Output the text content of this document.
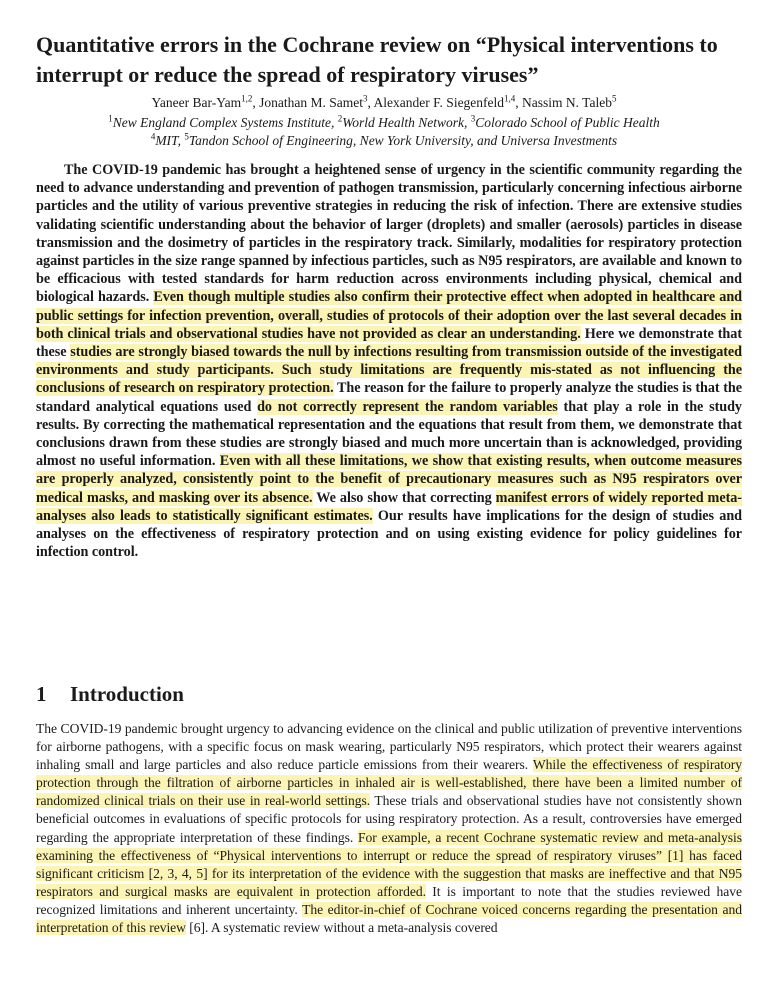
Quantitative errors in the Cochrane review on “Physical interventions to interrupt or reduce the spread of respiratory viruses”
Yaneer Bar-Yam$^{1,2}$, Jonathan M. Samet$^3$, Alexander F. Siegenfeld$^{1,4}$, Nassim N. Taleb$^5$
$^1$New England Complex Systems Institute, $^2$World Health Network, $^3$Colorado School of Public Health
$^4$MIT, $^5$Tandon School of Engineering, New York University, and Universa Investments

The COVID-19 pandemic has brought a heightened sense of urgency in the scientific community regarding the need to advance understanding and prevention of pathogen transmission, particularly concerning infectious airborne particles and the utility of various preventive strategies in reducing the risk of infection. There are extensive studies validating scientific understanding about the behavior of larger (droplets) and smaller (aerosols) particles in disease transmission and the dosimetry of particles in the respiratory track. Similarly, modalities for respiratory protection against particles in the size range spanned by infectious particles, such as N95 respirators, are available and known to be efficacious with tested standards for harm reduction across environments including physical, chemical and biological hazards. Even though multiple studies also confirm their protective effect when adopted in healthcare and public settings for infection prevention, overall, studies of protocols of their adoption over the last several decades in both clinical trials and observational studies have not provided as clear an understanding. Here we demonstrate that these studies are strongly biased towards the null by infections resulting from transmission outside of the investigated environments and study participants. Such study limitations are frequently mis-stated as not influencing the conclusions of research on respiratory protection. The reason for the failure to properly analyze the studies is that the standard analytical equations used do not correctly represent the random variables that play a role in the study results. By correcting the mathematical representation and the equations that result from them, we demonstrate that conclusions drawn from these studies are strongly biased and much more uncertain than is acknowledged, providing almost no useful information. Even with all these limitations, we show that existing results, when outcome measures are properly analyzed, consistently point to the benefit of precautionary measures such as N95 respirators over medical masks, and masking over its absence. We also show that correcting manifest errors of widely reported meta-analyses also leads to statistically significant estimates. Our results have implications for the design of studies and analyses on the effectiveness of respiratory protection and on using existing evidence for policy guidelines for infection control.

1 Introduction

The COVID-19 pandemic brought urgency to advancing evidence on the clinical and public utilization of preventive interventions for airborne pathogens, with a specific focus on mask wearing, particularly N95 respirators, which protect their wearers against inhaling small and large particles and also reduce particle emissions from their wearers. While the effectiveness of respiratory protection through the filtration of airborne particles in inhaled air is well-established, there have been a limited number of randomized clinical trials on their use in real-world settings. These trials and observational studies have not consistently shown beneficial outcomes in evaluations of specific protocols for using respiratory protection. As a result, controversies have emerged regarding the appropriate interpretation of these findings. For example, a recent Cochrane systematic review and meta-analysis examining the effectiveness of “Physical interventions to interrupt or reduce the spread of respiratory viruses” [1] has faced significant criticism [2, 3, 4, 5] for its interpretation of the evidence with the suggestion that masks are ineffective and that N95 respirators and surgical masks are equivalent in protection afforded. It is important to note that the studies reviewed have recognized limitations and inherent uncertainty. The editor-in-chief of Cochrane voiced concerns regarding the presentation and interpretation of this review [6]. A systematic review without a meta-analysis covered
